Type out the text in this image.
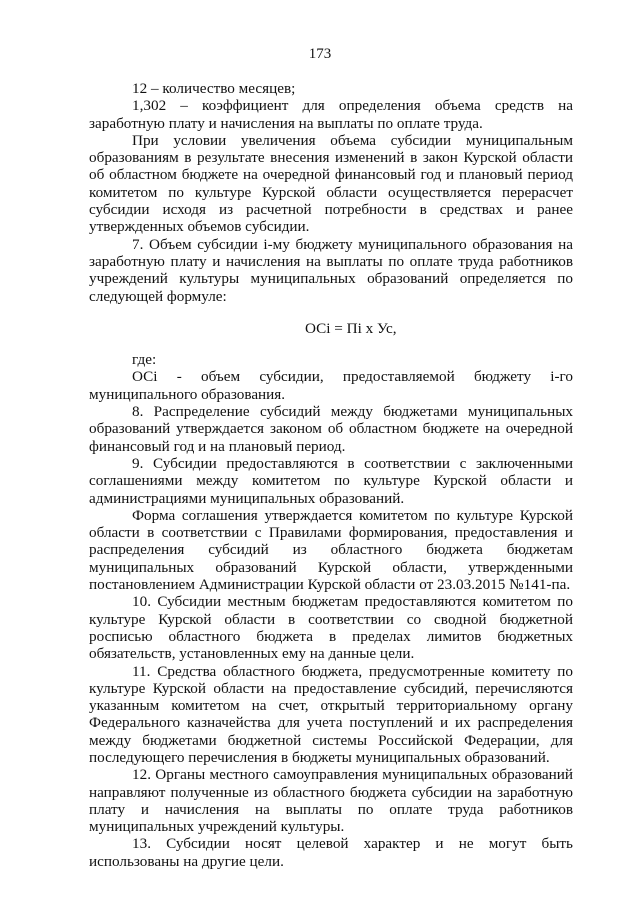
173

12 – количество месяцев;

1,302 – коэффициент для определения объема средств на заработную плату и начисления на выплаты по оплате труда.

При условии увеличения объема субсидии муниципальным образованиям в результате внесения изменений в закон Курской области об областном бюджете на очередной финансовый год и плановый период комитетом по культуре Курской области осуществляется перерасчет субсидии исходя из расчетной потребности в средствах и ранее утвержденных объемов субсидии.

7. Объем субсидии i-му бюджету муниципального образования на заработную плату и начисления на выплаты по оплате труда работников учреждений культуры муниципальных образований определяется по следующей формуле:

ОСi = Пi х Ус,

где:

ОСi - объем субсидии, предоставляемой бюджету i-го муниципального образования.

8. Распределение субсидий между бюджетами муниципальных образований утверждается законом об областном бюджете на очередной финансовый год и на плановый период.

9. Субсидии предоставляются в соответствии с заключенными соглашениями между комитетом по культуре Курской области и администрациями муниципальных образований.

Форма соглашения утверждается комитетом по культуре Курской области в соответствии с Правилами формирования, предоставления и распределения субсидий из областного бюджета бюджетам муниципальных образований Курской области, утвержденными постановлением Администрации Курской области от 23.03.2015 №141-па.

10. Субсидии местным бюджетам предоставляются комитетом по культуре Курской области в соответствии со сводной бюджетной росписью областного бюджета в пределах лимитов бюджетных обязательств, установленных ему на данные цели.

11. Средства областного бюджета, предусмотренные комитету по культуре Курской области на предоставление субсидий, перечисляются указанным комитетом на счет, открытый территориальному органу Федерального казначейства для учета поступлений и их распределения между бюджетами бюджетной системы Российской Федерации, для последующего перечисления в бюджеты муниципальных образований.

12. Органы местного самоуправления муниципальных образований направляют полученные из областного бюджета субсидии на заработную плату и начисления на выплаты по оплате труда работников муниципальных учреждений культуры.

13. Субсидии носят целевой характер и не могут быть использованы на другие цели.
